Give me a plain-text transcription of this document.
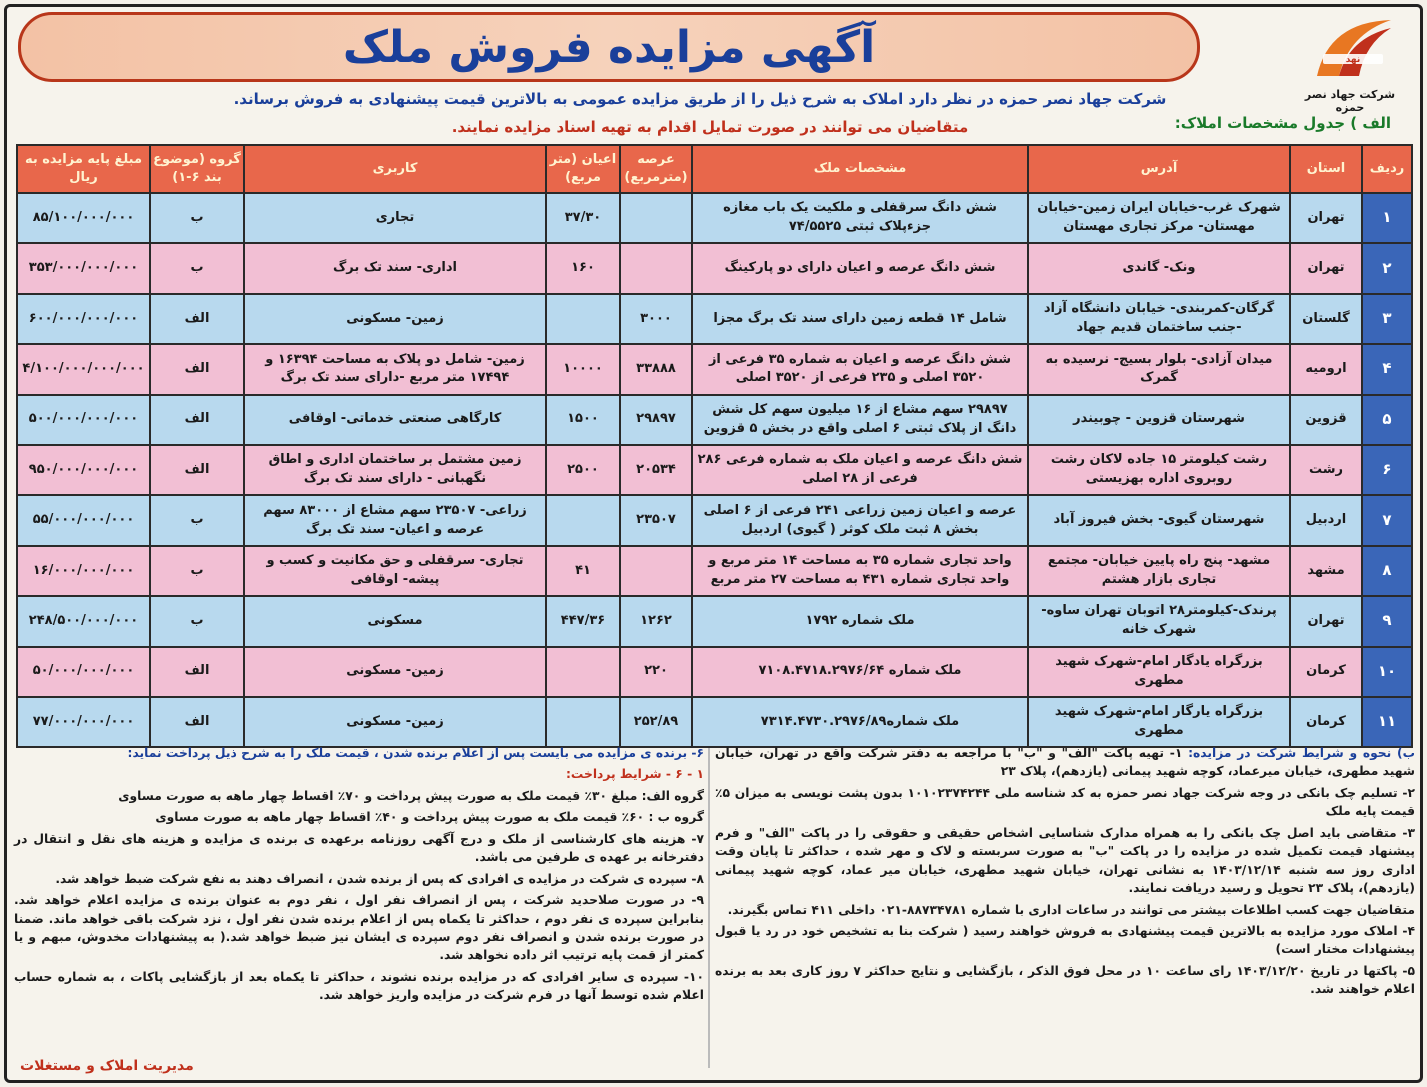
آگهی مزایده فروش ملک	نهد
شرکت جهاد نصر حمزه
شرکت جهاد نصر حمزه در نظر دارد املاک به شرح ذیل را از طریق مزایده عمومی به بالاترین قیمت پیشنهادی به فروش برساند.
متقاضیان می توانند در صورت تمایل اقدام به تهیه اسناد مزایده نمایند.	الف ) جدول مشخصات املاک:
ردیف	استان	آدرس	مشخصات ملک	عرصه (مترمربع)	اعیان (متر مربع)	کاربری	گروه (موضوع بند ۶-۱)	مبلغ پایه مزایده به ریال
۱	تهران	شهرک غرب-خیابان ایران زمین-خیابان مهستان- مرکز تجاری مهستان	شش دانگ سرقفلی و ملکیت یک باب مغازه جزءپلاک ثبتی ۷۴/۵۵۲۵		۳۷/۳۰	تجاری	ب	۸۵/۱۰۰/۰۰۰/۰۰۰
۲	تهران	ونک- گاندی	شش دانگ عرصه و اعیان دارای دو پارکینگ		۱۶۰	اداری- سند تک برگ	ب	۳۵۳/۰۰۰/۰۰۰/۰۰۰
۳	گلستان	گرگان-کمربندی- خیابان دانشگاه آزاد -جنب ساختمان قدیم جهاد	شامل ۱۴ قطعه زمین دارای سند تک برگ مجزا	۳۰۰۰		زمین- مسکونی	الف	۶۰۰/۰۰۰/۰۰۰/۰۰۰
۴	ارومیه	میدان آزادی- بلوار بسیج- نرسیده به گمرک	شش دانگ عرصه و اعیان به شماره ۳۵ فرعی از ۳۵۲۰ اصلی و ۲۳۵ فرعی از ۳۵۲۰ اصلی	۳۳۸۸۸	۱۰۰۰۰	زمین- شامل دو پلاک به مساحت ۱۶۳۹۴ و ۱۷۴۹۴ متر مربع -دارای سند تک برگ	الف	۴/۱۰۰/۰۰۰/۰۰۰/۰۰۰
۵	قزوین	شهرستان قزوین - چوبیندر	۲۹۸۹۷ سهم مشاع از ۱۶ میلیون سهم کل شش دانگ از پلاک ثبتی ۶ اصلی واقع در بخش ۵ قزوین	۲۹۸۹۷	۱۵۰۰	کارگاهی صنعتی خدماتی- اوقافی	الف	۵۰۰/۰۰۰/۰۰۰/۰۰۰
۶	رشت	رشت کیلومتر ۱۵ جاده لاکان رشت روبروی اداره بهزیستی	شش دانگ عرصه و اعیان ملک به شماره فرعی ۲۸۶ فرعی از ۲۸ اصلی	۲۰۵۳۴	۲۵۰۰	زمین مشتمل بر ساختمان اداری و اطاق نگهبانی - دارای سند تک برگ	الف	۹۵۰/۰۰۰/۰۰۰/۰۰۰
۷	اردبیل	شهرستان گیوی- بخش فیروز آباد	عرصه و اعیان زمین زراعی ۲۴۱ فرعی از ۶ اصلی بخش ۸ ثبت ملک کوثر ( گیوی) اردبیل	۲۳۵۰۷		زراعی- ۲۳۵۰۷ سهم مشاع از ۸۳۰۰۰ سهم عرصه و اعیان- سند تک برگ	ب	۵۵/۰۰۰/۰۰۰/۰۰۰
۸	مشهد	مشهد- پنج راه پایین خیابان- مجتمع تجاری بازار هشتم	واحد تجاری شماره ۳۵ به مساحت ۱۴ متر مربع و واحد تجاری شماره ۴۳۱ به مساحت ۲۷ متر مربع		۴۱	تجاری- سرقفلی و حق مکانیت و کسب و پیشه- اوقافی	ب	۱۶/۰۰۰/۰۰۰/۰۰۰
۹	تهران	پرندک-کیلومتر۲۸ اتوبان تهران ساوه- شهرک خانه	ملک شماره ۱۷۹۲	۱۲۶۲	۴۴۷/۳۶	مسکونی	ب	۲۴۸/۵۰۰/۰۰۰/۰۰۰
۱۰	کرمان	بزرگراه یادگار امام-شهرک شهید مطهری	ملک شماره ۷۱۰۸.۴۷۱۸.۲۹۷۶/۶۴	۲۲۰		زمین- مسکونی	الف	۵۰/۰۰۰/۰۰۰/۰۰۰
۱۱	کرمان	بزرگراه یارگار امام-شهرک شهید مطهری	ملک شماره۷۳۱۴.۴۷۳۰.۲۹۷۶/۸۹	۲۵۲/۸۹		زمین- مسکونی	الف	۷۷/۰۰۰/۰۰۰/۰۰۰

ب) نحوه و شرایط شرکت در مزایده: ۱- تهیه پاکت "الف" و "ب" با مراجعه به دفتر شرکت واقع در تهران، خیابان شهید مطهری، خیابان میرعماد، کوچه شهید پیمانی (یازدهم)، پلاک ۲۳

۲- تسلیم چک بانکی در وجه شرکت جهاد نصر حمزه به کد شناسه ملی ۱۰۱۰۲۳۷۴۲۴۴ بدون پشت نویسی به میزان ۵٪ قیمت پایه ملک

۳- متقاضی باید اصل چک بانکی را به همراه مدارک شناسایی اشخاص حقیقی و حقوقی را در پاکت "الف" و فرم پیشنهاد قیمت تکمیل شده در مزایده را در پاکت "ب" به صورت سربسته و لاک و مهر شده ، حداکثر تا پایان وقت اداری روز سه شنبه ۱۴۰۳/۱۲/۱۴ به نشانی تهران، خیابان شهید مطهری، خیابان میر عماد، کوچه شهید پیمانی (یازدهم)، پلاک ۲۳ تحویل و رسید دریافت نمایند.

متقاضیان جهت کسب اطلاعات بیشتر می توانند در ساعات اداری با شماره ۸۸۷۳۴۷۸۱-۰۲۱ داخلی ۴۱۱ تماس بگیرند.

۴- املاک مورد مزایده به بالاترین قیمت پیشنهادی به فروش خواهند رسید ( شرکت بنا به تشخیص خود در رد یا قبول پیشنهادات مختار است)

۵- پاکتها در تاریخ ۱۴۰۳/۱۲/۲۰ رای ساعت ۱۰ در محل فوق الذکر ، بازگشایی و نتایج حداکثر ۷ روز کاری بعد به برنده اعلام خواهند شد.

۶- برنده ی مزایده می بایست پس از اعلام برنده شدن ، قیمت ملک را به شرح ذیل پرداخت نماید:

۱ - ۶ - شرایط پرداخت:

گروه الف: مبلغ ۳۰٪ قیمت ملک به صورت پیش پرداخت و ۷۰٪ اقساط چهار ماهه به صورت مساوی

گروه ب : ۶۰٪ قیمت ملک به صورت پیش پرداخت و ۴۰٪ اقساط چهار ماهه به صورت مساوی

۷- هزینه های کارشناسی از ملک و درج آگهی روزنامه برعهده ی برنده ی مزایده و هزینه های نقل و انتقال در دفترخانه بر عهده ی طرفین می باشد.

۸- سپرده ی شرکت در مزایده ی افرادی که پس از برنده شدن ، انصراف دهند به نفع شرکت ضبط خواهد شد.

۹- در صورت صلاحدید شرکت ، پس از انصراف نفر اول ، نفر دوم به عنوان برنده ی مزایده اعلام خواهد شد. بنابراین سپرده ی نفر دوم ، حداکثر تا یکماه پس از اعلام برنده شدن نفر اول ، نزد شرکت باقی خواهد ماند. ضمنا در صورت برنده شدن و انصراف نفر دوم سپرده ی ایشان نیز ضبط خواهد شد.( به پیشنهادات مخدوش، مبهم و یا کمتر از قمت پایه ترتیب اثر داده نخواهد شد.

۱۰- سپرده ی سایر افرادی که در مزایده برنده نشوند ، حداکثر تا یکماه بعد از بازگشایی پاکات ، به شماره حساب اعلام شده توسط آنها در فرم شرکت در مزایده واریز خواهد شد.

مدیریت املاک و مستغلات
